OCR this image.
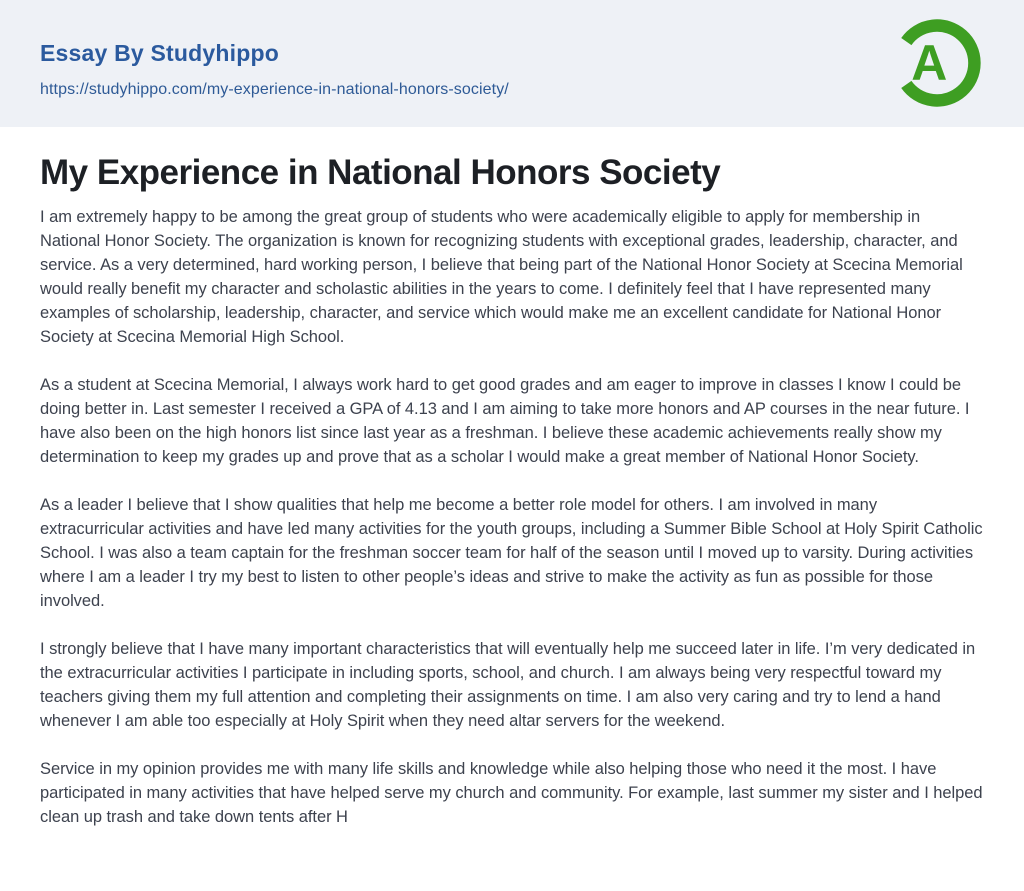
Essay By Studyhippo
https://studyhippo.com/my-experience-in-national-honors-society/	A
My Experience in National Honors Society

I am extremely happy to be among the great group of students who were academically eligible to apply for membership in National Honor Society. The organization is known for recognizing students with exceptional grades, leadership, character, and service. As a very determined, hard working person, I believe that being part of the National Honor Society at Scecina Memorial would really benefit my character and scholastic abilities in the years to come. I definitely feel that I have represented many examples of scholarship, leadership, character, and service which would make me an excellent candidate for National Honor Society at Scecina Memorial High School.

As a student at Scecina Memorial, I always work hard to get good grades and am eager to improve in classes I know I could be doing better in. Last semester I received a GPA of 4.13 and I am aiming to take more honors and AP courses in the near future. I have also been on the high honors list since last year as a freshman. I believe these academic achievements really show my determination to keep my grades up and prove that as a scholar I would make a great member of National Honor Society.

As a leader I believe that I show qualities that help me become a better role model for others. I am involved in many extracurricular activities and have led many activities for the youth groups, including a Summer Bible School at Holy Spirit Catholic School. I was also a team captain for the freshman soccer team for half of the season until I moved up to varsity. During activities where I am a leader I try my best to listen to other people’s ideas and strive to make the activity as fun as possible for those involved.

I strongly believe that I have many important characteristics that will eventually help me succeed later in life. I’m very dedicated in the extracurricular activities I participate in including sports, school, and church. I am always being very respectful toward my teachers giving them my full attention and completing their assignments on time. I am also very caring and try to lend a hand whenever I am able too especially at Holy Spirit when they need altar servers for the weekend.

Service in my opinion provides me with many life skills and knowledge while also helping those who need it the most. I have participated in many activities that have helped serve my church and community. For example, last summer my sister and I helped clean up trash and take down tents after H
